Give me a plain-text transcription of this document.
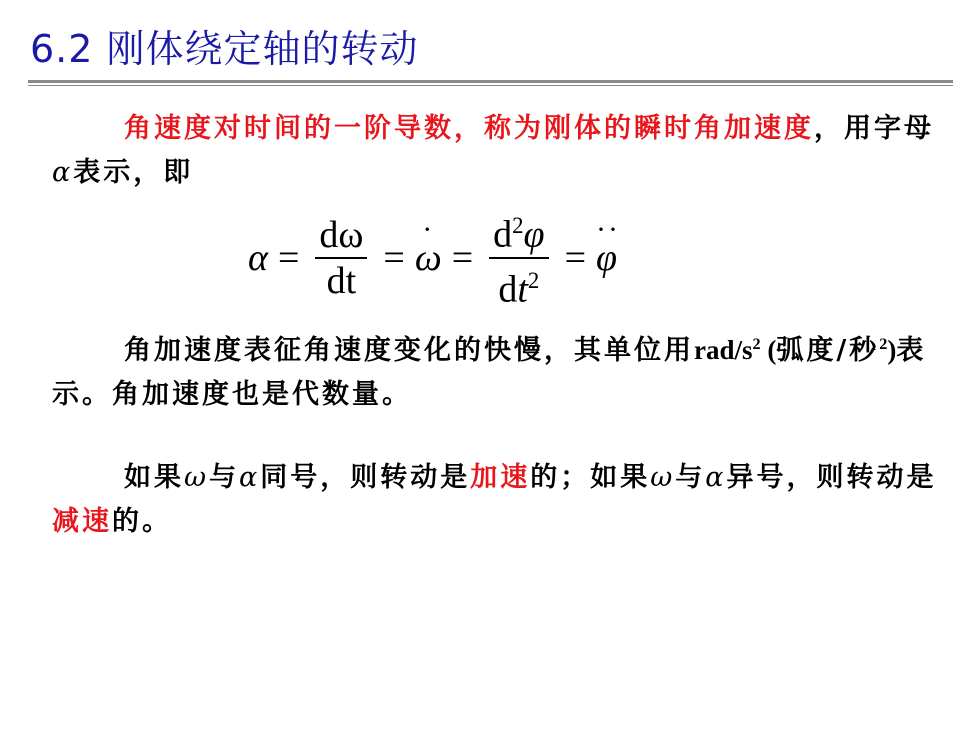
6.2 刚体绕定轴的转动
角速度对时间的一阶导数，称为刚体的瞬时角加速度，用字母α表示，即
$\alpha = \frac{d\omega}{dt}$ =
·
$\omega = \frac{d^2\varphi}{dt^2}$ =
··
φ
角加速度表征角速度变化的快慢，其单位用rad/$s^2$ (弧度/秒$^2$)表示。角加速度也是代数量。
如果ω与α同号，则转动是加速的；如果ω与α异号，则转动是减速的。
